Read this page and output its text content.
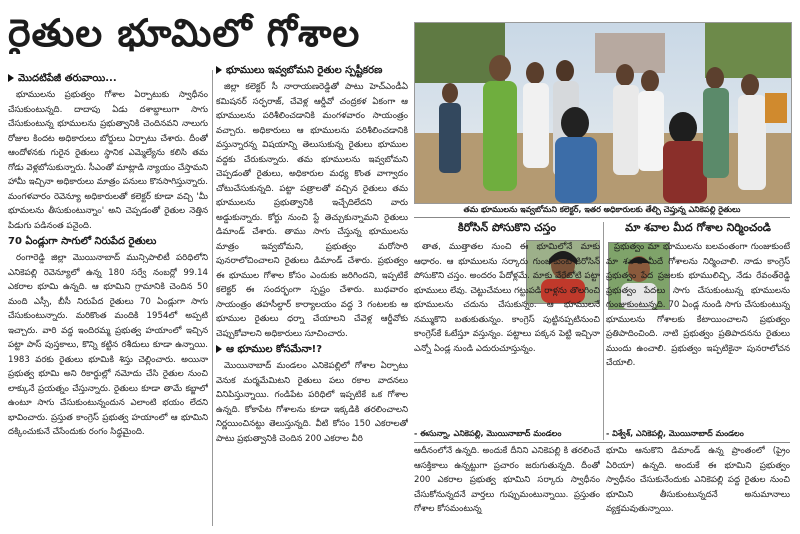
రైతుల భూమిలో గోశాల
మొదటిపేజీ తరువాయి...

భూములను ప్రభుత్వం గోశాల ఏర్పాటుకు స్వాధీనం చేసుకుంటున్నది. దాదాపు ఏడు దశాబ్దాలుగా సాగు చేసుకుంటున్న భూములను ప్రభుత్వానికి చెందినవని నాలుగు రోజుల కిందట అధికారులు బోర్డులు ఏర్పాటు చేశారు. దీంతో ఆందోళనకు గురైన రైతులు స్థానిక ఎమ్మెల్యేను కలిసి తమ గోడు వెళ్లబోసుకున్నారు. సీఎంతో మాట్లాడి న్యాయం చేస్తామని హామీ ఇచ్చినా అధికారులు మాత్రం పనులు కొనసాగిస్తున్నారు. మంగళవారం రెవెన్యూ అధికారులతో కలెక్టర్ కూడా వచ్చి 'మీ భూమలను తీసుకుంటున్నాం' అని చెప్పడంతో రైతుల నెత్తిన పిడుగు పడినంత పనైంది.

70 ఏండ్లుగా సాగులో నిరుపేద రైతులు

రంగారెడ్డి జిల్లా మొయినాబాద్ మున్సిపాలిటీ పరిధిలోని ఎనికెపల్లి రెవెన్యూలో ఉన్న 180 సర్వే నంబర్లో 99.14 ఎకరాల భూమి ఉన్నది. ఆ భూమిని గ్రామానికి చెందిన 50 మంది ఎస్సీ, బీసీ నిరుపేద రైతులు 70 ఏండ్లుగా సాగు చేసుకుంటున్నారు. మరికొంత మందికి 1954లో అప్పటి ఇచ్చారు. వారి వద్ద ఇందిరమ్మ ప్రభుత్వ హయాంలో ఇచ్చిన పట్టా పాస్ పుస్తకాలు, కొన్ని కట్టిన రశీదులు కూడా ఉన్నాయి. 1983 వరకు రైతులు భూమికి శిస్తు చెల్లించారు. అయినా ప్రభుత్వ భూమి అని రికార్డుల్లో నమోదు చేసి రైతుల నుంచి లాక్కునే ప్రయత్నం చేస్తున్నారు. రైతులు కూడా తామే కబ్జాలో ఉంటూ సాగు చేసుకుంటున్నందున ఎలాంటి భయం లేదని భావించారు. ప్రస్తుత కాంగ్రెస్ ప్రభుత్వ హయాంలో ఆ భూమిని దక్కించుకునే చేసేందుకు రంగం సిద్ధమైంది.

భూములు ఇవ్వబోమని రైతుల స్పష్టీకరణ

జిల్లా కలెక్టర్ సీ నారాయణరెడ్డితో పాటు హెచ్‌ఎండీఏ కమిషనర్ సర్ఫరాజ్, చేవెళ్ల ఆర్డీవో చంద్రకళ ఏకంగా ఆ భూములను పరిశీలించడానికి మంగళవారం సాయంత్రం వచ్చారు. అధికారులు ఆ భూములను పరిశీలించడానికి వస్తున్నారన్న విషయాన్ని తెలుసుకున్న రైతులు భూముల వద్దకు చేరుకున్నారు. తమ భూములను ఇవ్వబోమని చెప్పడంతో రైతులు, అధికారుల మధ్య కొంత వాగ్వాదం చోటుచేసుకున్నది. పట్టా పత్రాలతో వచ్చిన రైతులు తమ భూములను ప్రభుత్వానికి ఇచ్చేదిలేదని వారు అడ్డుకున్నారు. కోర్టు నుంచి స్టే తెచ్చుకున్నామని రైతులు డిమాండ్ చేశారు. తాము సాగు చేస్తున్న భూములను మాత్రం ఇవ్వబోమని, ప్రభుత్వం మరోసారి పునరాలోచించాలని రైతులు డిమాండ్ చేశారు. ప్రభుత్వం ఈ భూముల గోశాల కోసం ఎందుకు జరిగిందని, ఇప్పటికే కలెక్టర్ ఈ సందర్భంగా స్పష్టం చేశారు. బుధవారం సాయంత్రం తహసీల్దార్ కార్యాలయం వద్ద 3 గంటలకు ఆ భూముల రైతులు ధర్నా చేయాలని చేవెళ్ల ఆర్డీవోకు చెప్పుకోవాలని అధికారులు సూచించారు.

ఆ భూముల కోసమేనా!?

మొయినాబాద్ మండలం ఎనికెపల్లిలో గోశాల ఏర్పాటు వెనుక మర్మమేమిటని రైతులు పలు రకాల వాదనలు వినిపిస్తున్నాయి. గండిపేట పరిధిలో ఇప్పటికే ఒక గోశాల ఉన్నది. కోకాపేట గోశాలను కూడా ఇక్కడికి తరలించాలని నిర్ణయించినట్టు తెలుస్తున్నది. వీటి కోసం 150 ఎకరాలతో పాటు ప్రభుత్వానికి చెందిన 200 ఎకరాల వీరి

తమ భూములను ఇవ్వబోమని కలెక్టర్, ఇతర అధికారులకు తేల్చి చెప్తున్న ఎనికెపల్లి రైతులు
కిరోసిన్ పోసుకొని చస్తం

తాత, ముత్తాతల నుంచి ఈ భూమిలోనే మాకు ఆధారం. ఆ భూములను సర్కారు గుంజుకుంటే కిరోసిన్ పోసుకొని చస్తం. అందరం పేదోళ్లమే. మాకు వేరేటోటి పట్టా భూములు లేవు. చెట్టుచేమలు గట్టుపడి రాళ్లను తొలగించి భూములను చదును చేసుకున్నం. ఆ భూములనే నమ్ముకొని బతుకుతున్నం. కాంగ్రెస్ పుట్టినప్పటినుంచి కాంగ్రెస్‌కే ఓటేస్తూ వస్తున్నం. పట్టాలు పక్కన పెట్టి ఇచ్చినా ఎన్నో ఏండ్ల నుండి ఎదురుచూస్తున్నం.

- ఈసున్నా, ఎనికెపల్లి, మొయినాబాద్ మండలం
మా శవాల మీద గోశాల నిర్మించండి

ప్రభుత్వం మా భూములను బలవంతంగా గుంజుకుంటే మా శవాల మీదే గోశాలను నిర్మించాలి. నాడు కాంగ్రెస్ ప్రభుత్వం పేద ప్రజలకు భూములిచ్చి, నేడు రేవంత్‌రెడ్డి ప్రభుత్వం పేదలు సాగు చేసుకుంటున్న భూములను గుంజుకుంటున్నది. 70 ఏండ్ల నుండి సాగు చేసుకుంటున్న భూములను గోశాలకు కేటాయించాలని ప్రభుత్వం ప్రతిపాదించింది. నాటి ప్రభుత్వం ప్రతిపాదనను రైతులు ముందు ఉంచాలి. ప్రభుత్వం ఇప్పటికైనా పునరాలోచన చేయాలి.

- విశ్వేశ్, ఎనికెపల్లి, మొయినాబాద్ మండలం

ఆదీనంలోనే ఉన్నది. అందుకే దీనిని ఎనికెపల్లి కి తరలించే ఆసక్తికాలు ఉన్నట్టుగా ప్రచారం జరుగుతున్నది. దీంతో 200 ఎకరాల ప్రభుత్వ భూమిని సర్కారు స్వాధీనం చేసుకోనున్నదనే వార్తలు గుప్పుమంటున్నాయి. ప్రస్తుతం గోశాల కోసమంటున్న

భూమి ఆనుకొని డిమాండ్ ఉన్న ప్రాంతంలో (ప్రైం ఏరియా) ఉన్నది. అందుకే ఈ భూమిని ప్రభుత్వం స్వాధీనం చేసుకునేందుకు ఎనికెపల్లి పద్ద రైతుల నుంచి భూమిని తీసుకుంటున్నదనే అనుమానాలు వ్యక్తమవుతున్నాయి.
